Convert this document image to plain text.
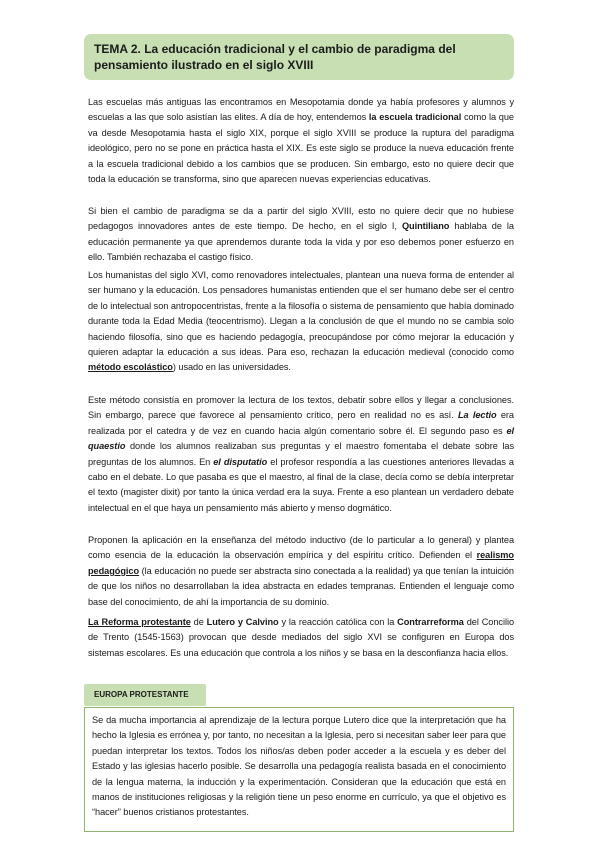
TEMA 2. La educación tradicional y el cambio de paradigma del pensamiento ilustrado en el siglo XVIII

Las escuelas más antiguas las encontramos en Mesopotamia donde ya había profesores y alumnos y escuelas a las que solo asistían las elites. A día de hoy, entendemos la escuela tradicional como la que va desde Mesopotamia hasta el siglo XIX, porque el siglo XVIII se produce la ruptura del paradigma ideológico, pero no se pone en práctica hasta el XIX. Es este siglo se produce la nueva educación frente a la escuela tradicional debido a los cambios que se producen. Sin embargo, esto no quiere decir que toda la educación se transforma, sino que aparecen nuevas experiencias educativas.

Si bien el cambio de paradigma se da a partir del siglo XVIII, esto no quiere decir que no hubiese pedagogos innovadores antes de este tiempo. De hecho, en el siglo I, Quintiliano hablaba de la educación permanente ya que aprendemos durante toda la vida y por eso debemos poner esfuerzo en ello. También rechazaba el castigo físico.

Los humanistas del siglo XVI, como renovadores intelectuales, plantean una nueva forma de entender al ser humano y la educación. Los pensadores humanistas entienden que el ser humano debe ser el centro de lo intelectual son antropocentristas, frente a la filosofía o sistema de pensamiento que había dominado durante toda la Edad Media (teocentrismo). Llegan a la conclusión de que el mundo no se cambia solo haciendo filosofía, sino que es haciendo pedagogía, preocupándose por cómo mejorar la educación y quieren adaptar la educación a sus ideas. Para eso, rechazan la educación medieval (conocido como método escolástico) usado en las universidades.

Este método consistía en promover la lectura de los textos, debatir sobre ellos y llegar a conclusiones. Sin embargo, parece que favorece al pensamiento crítico, pero en realidad no es así. La lectio era realizada por el catedra y de vez en cuando hacia algún comentario sobre él. El segundo paso es el quaestio donde los alumnos realizaban sus preguntas y el maestro fomentaba el debate sobre las preguntas de los alumnos. En el disputatio el profesor respondía a las cuestiones anteriores llevadas a cabo en el debate. Lo que pasaba es que el maestro, al final de la clase, decía como se debía interpretar el texto (magister dixit) por tanto la única verdad era la suya. Frente a eso plantean un verdadero debate intelectual en el que haya un pensamiento más abierto y menso dogmático.

Proponen la aplicación en la enseñanza del método inductivo (de lo particular a lo general) y plantea como esencia de la educación la observación empírica y del espíritu crítico. Defienden el realismo pedagógico (la educación no puede ser abstracta sino conectada a la realidad) ya que tenían la intuición de que los niños no desarrollaban la idea abstracta en edades tempranas. Entienden el lenguaje como base del conocimiento, de ahí la importancia de su dominio.

La Reforma protestante de Lutero y Calvino y la reacción católica con la Contrarreforma del Concilio de Trento (1545-1563) provocan que desde mediados del siglo XVI se configuren en Europa dos sistemas escolares. Es una educación que controla a los niños y se basa en la desconfianza hacia ellos.

EUROPA PROTESTANTE

Se da mucha importancia al aprendizaje de la lectura porque Lutero dice que la interpretación que ha hecho la Iglesia es errónea y, por tanto, no necesitan a la Iglesia, pero si necesitan saber leer para que puedan interpretar los textos. Todos los niños/as deben poder acceder a la escuela y es deber del Estado y las iglesias hacerlo posible. Se desarrolla una pedagogía realista basada en el conocimiento de la lengua materna, la inducción y la experimentación. Consideran que la educación que está en manos de instituciones religiosas y la religión tiene un peso enorme en currículo, ya que el objetivo es “hacer” buenos cristianos protestantes.
